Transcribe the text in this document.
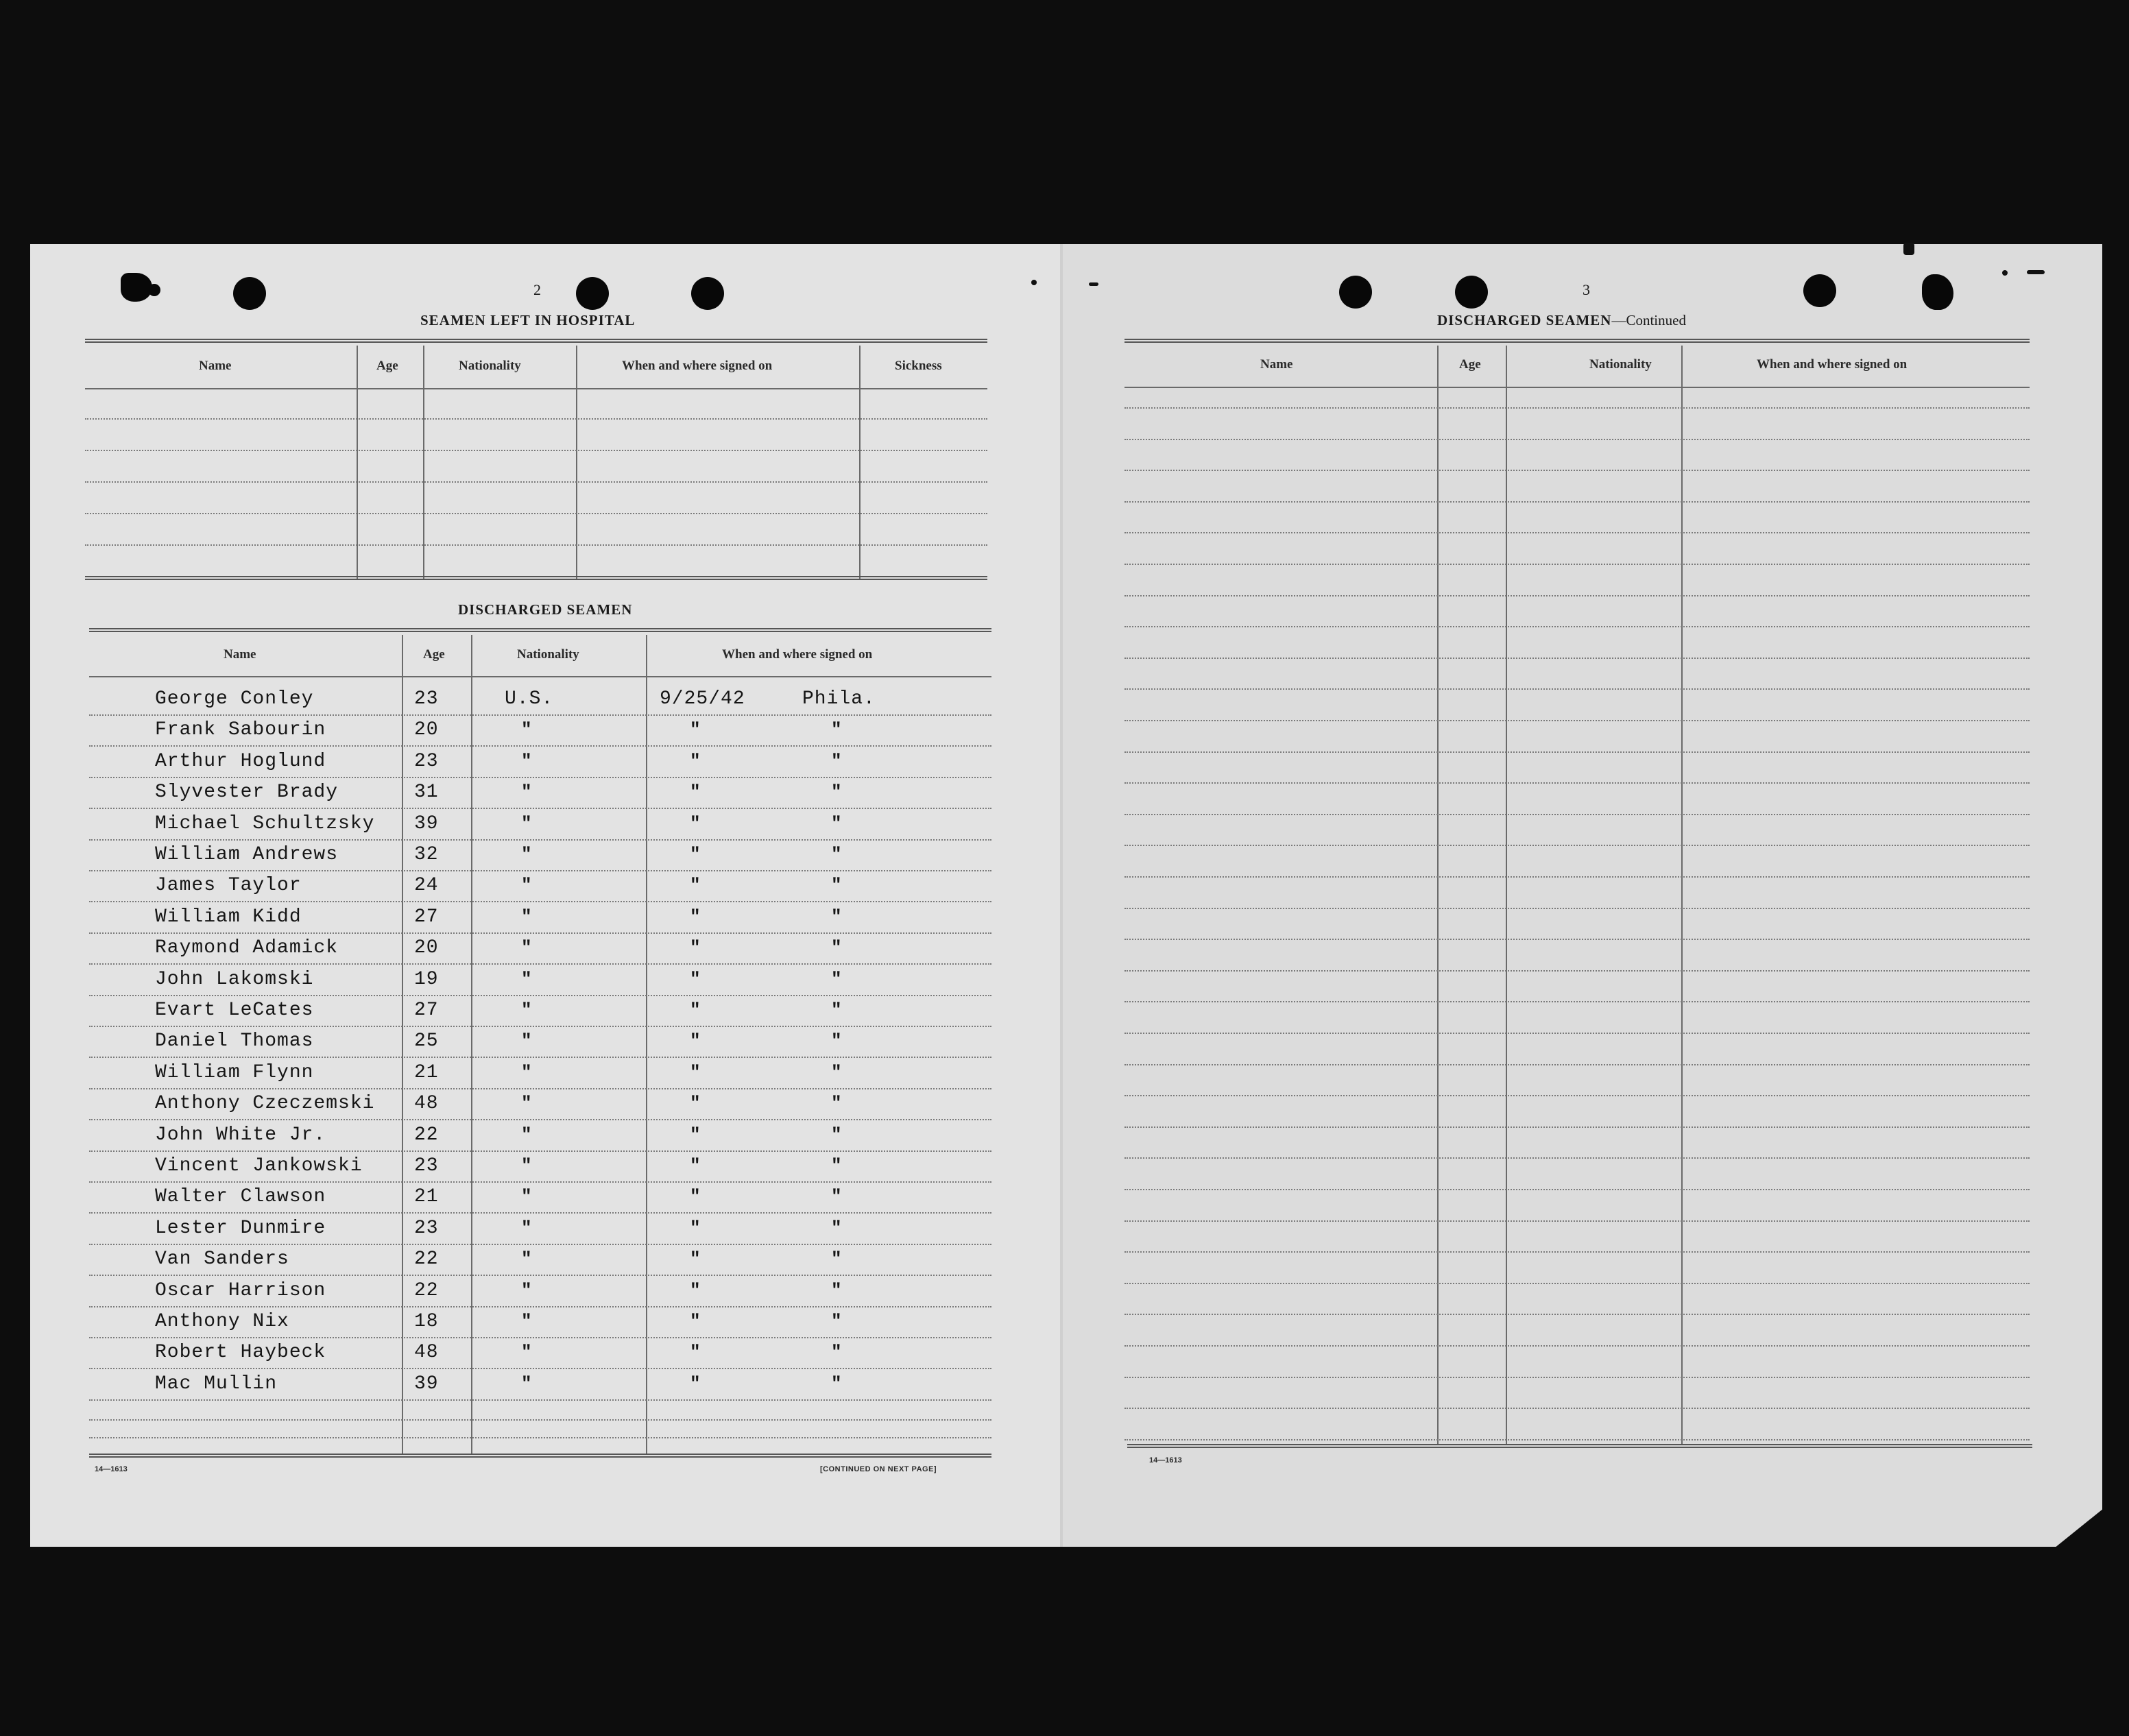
2
SEAMEN LEFT IN HOSPITAL
Name	Age	Nationality	When and where signed on	Sickness
DISCHARGED SEAMEN
Name	Age	Nationality	When and where signed on
George Conley	23	U.S.	9/25/42	Phila.
Frank Sabourin	20	"	"	"
Arthur Hoglund	23	"	"	"
Slyvester Brady	31	"	"	"
Michael Schultzsky 39	"	"	"
William Andrews	32	"	"	"
James Taylor	24	"	"	"
William Kidd	27	"	"	"
Raymond Adamick	20	"	"	"
John Lakomski	19	"	"	"
Evart LeCates	27	"	"	"
Daniel Thomas	25	"	"	"
William Flynn	21	"	"	"
Anthony Czeczemski 48	"	"	"
John White Jr.	22	"	"	"
Vincent Jankowski	23	"	"	"
Walter Clawson	21	"	"	"
Lester Dunmire	23	"	"	"
Van Sanders	22	"	"	"
Oscar Harrison	22	"	"	"
Anthony Nix	18	"	"	"
Robert Haybeck	48	"	"	"
Mac Mullin	39	"	"	"
14—1613	[CONTINUED ON NEXT PAGE]
3
DISCHARGED SEAMEN—Continued
Name	Age	Nationality	When and where signed on
14—1613
